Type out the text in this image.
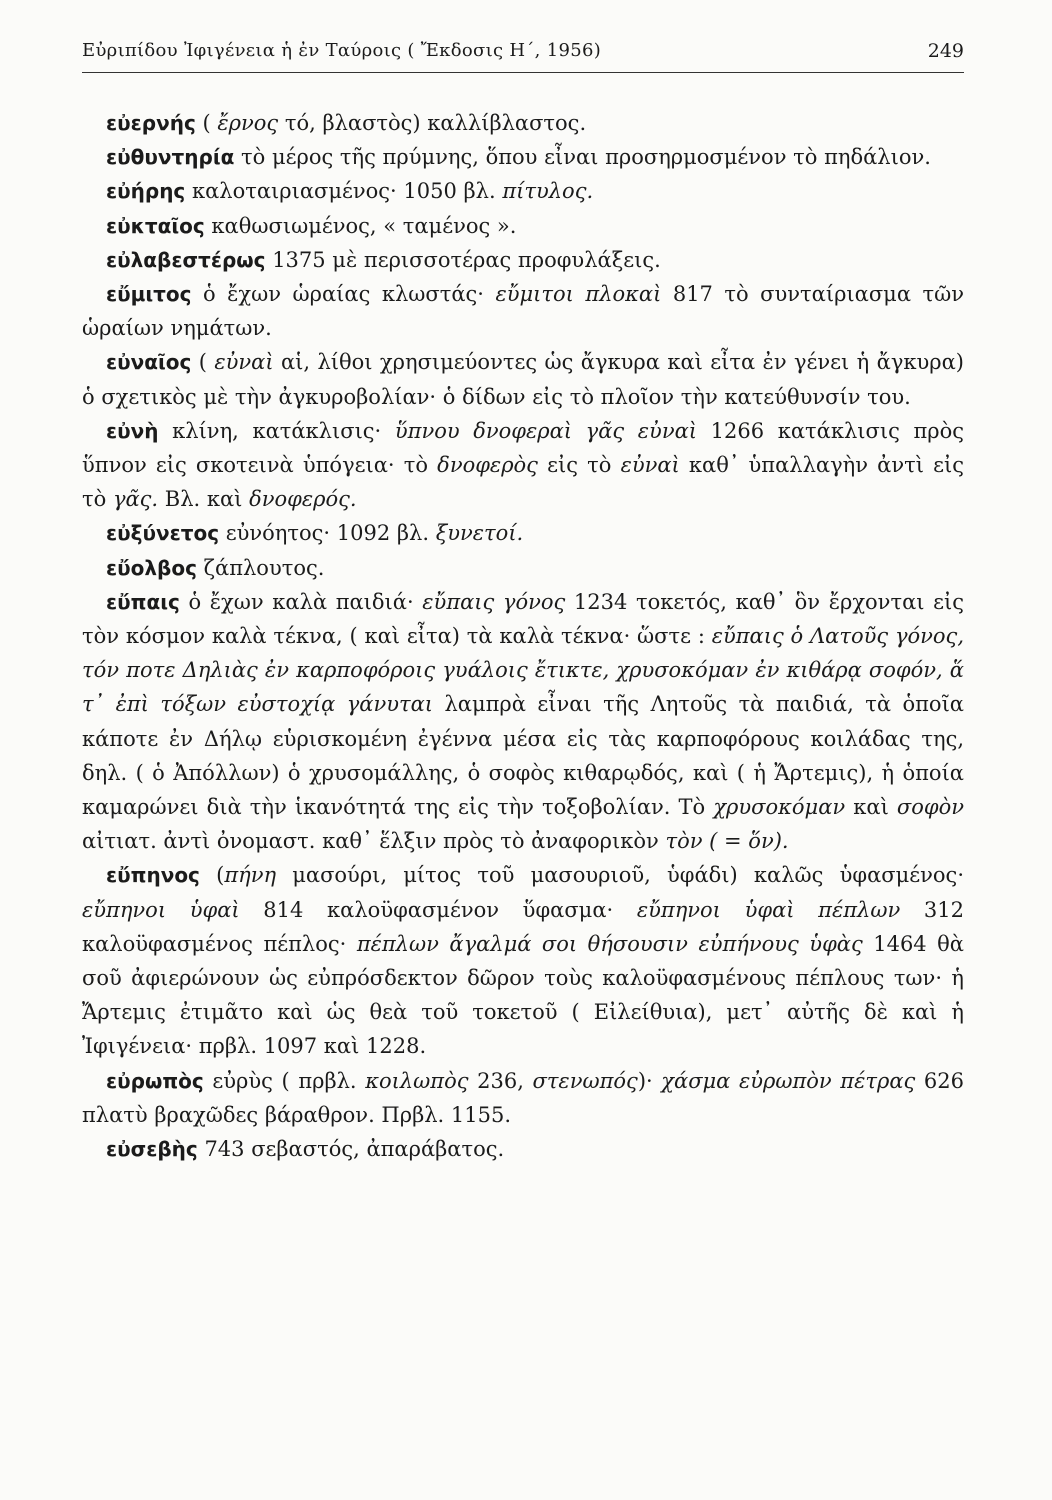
Εὐριπίδου Ἰφιγένεια ἡ ἐν Ταύροις ( Ἔκδοσις Η΄, 1956)	249

εὐερνής ( ἔρνος τό, βλαστὸς) καλλίβλαστος.

εὐθυντηρία τὸ μέρος τῆς πρύμνης, ὅπου εἶναι προσηρμοσμένον τὸ πηδάλιον.

εὐήρης καλοταιριασμένος· 1050 βλ. πίτυλος.

εὐκταῖος καθωσιωμένος, « ταμένος ».

εὐλαβεστέρως 1375 μὲ περισσοτέρας προφυλάξεις.

εὔμιτος ὁ ἔχων ὡραίας κλωστάς· εὔμιτοι πλοκαὶ 817 τὸ συνταίριασμα τῶν ὡραίων νημάτων.

εὐναῖος ( εὐναὶ αἱ, λίθοι χρησιμεύοντες ὡς ἄγκυρα καὶ εἶτα ἐν γένει ἡ ἄγκυρα) ὁ σχετικὸς μὲ τὴν ἀγκυροβολίαν· ὁ δίδων εἰς τὸ πλοῖον τὴν κατεύθυνσίν του.

εὐνὴ κλίνη, κατάκλισις· ὕπνου δνοφεραὶ γᾶς εὐναὶ 1266 κατάκλισις πρὸς ὕπνον εἰς σκοτεινὰ ὑπόγεια· τὸ δνοφερὸς εἰς τὸ εὐναὶ καθ᾽ ὑπαλλαγὴν ἀντὶ εἰς τὸ γᾶς. Βλ. καὶ δνοφερός.

εὐξύνετος εὐνόητος· 1092 βλ. ξυνετοί.

εὔολβος ζάπλουτος.

εὔπαις ὁ ἔχων καλὰ παιδιά· εὔπαις γόνος 1234 τοκετός, καθ᾽ ὃν ἔρχονται εἰς τὸν κόσμον καλὰ τέκνα, ( καὶ εἶτα) τὰ καλὰ τέκνα· ὥστε : εὔπαις ὁ Λατοῦς γόνος, τόν ποτε Δηλιὰς ἐν καρποφόροις γυάλοις ἔτικτε, χρυσοκόμαν ἐν κιθάρᾳ σοφόν, ἅ τ᾽ ἐπὶ τόξων εὐστοχίᾳ γάνυται λαμπρὰ εἶναι τῆς Λητοῦς τὰ παιδιά, τὰ ὁποῖα κάποτε ἐν Δήλῳ εὑρισκομένη ἐγέννα μέσα εἰς τὰς καρποφόρους κοιλάδας της, δηλ. ( ὁ Ἀπόλλων) ὁ χρυσομάλλης, ὁ σοφὸς κιθαρῳδός, καὶ ( ἡ Ἄρτεμις), ἡ ὁποία καμαρώνει διὰ τὴν ἱκανότητά της εἰς τὴν τοξοβολίαν. Τὸ χρυσοκόμαν καὶ σοφὸν αἰτιατ. ἀντὶ ὀνομαστ. καθ᾽ ἕλξιν πρὸς τὸ ἀναφορικὸν τὸν ( = ὅν).

εὔπηνος (πήνη μασούρι, μίτος τοῦ μασουριοῦ, ὑφάδι) καλῶς ὑφασμένος· εὔπηνοι ὑφαὶ 814 καλοϋφασμένον ὕφασμα· εὔπηνοι ὑφαὶ πέπλων 312 καλοϋφασμένος πέπλος· πέπλων ἄγαλμά σοι θήσουσιν εὐπήνους ὑφὰς 1464 θὰ σοῦ ἀφιερώνουν ὡς εὐπρόσδεκτον δῶρον τοὺς καλοϋφασμένους πέπλους των· ἡ Ἄρτεμις ἐτιμᾶτο καὶ ὡς θεὰ τοῦ τοκετοῦ ( Εἰλείθυια), μετ᾽ αὐτῆς δὲ καὶ ἡ Ἰφιγένεια· πρβλ. 1097 καὶ 1228.

εὐρωπὸς εὐρὺς ( πρβλ. κοιλωπὸς 236, στενωπός)· χάσμα εὐρωπὸν πέτρας 626 πλατὺ βραχῶδες βάραθρον. Πρβλ. 1155.

εὐσεβὴς 743 σεβαστός, ἀπαράβατος.
